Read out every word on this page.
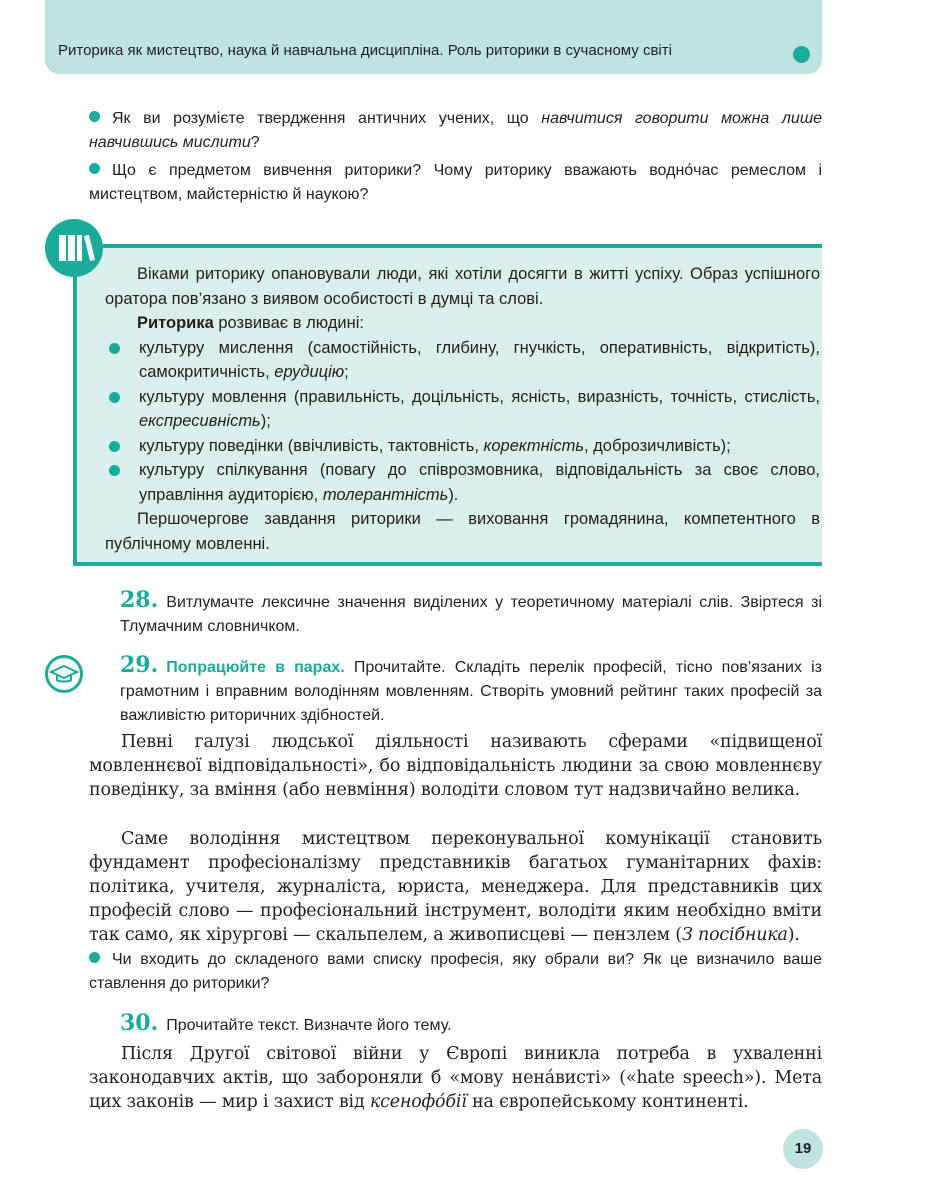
Риторика як мистецтво, наука й навчальна дисципліна. Роль риторики в сучасному світі

Як ви розумієте твердження античних учених, що навчитися говорити можна лише навчившись мислити?

Що є предметом вивчення риторики? Чому риторику вважають водно́час ремеслом і мистецтвом, майстерністю й наукою?

Віками риторику опановували люди, які хотіли досягти в житті успіху. Образ успішного оратора пов’язано з виявом особистості в думці та слові.

Риторика розвиває в людині:

культуру мислення (самостійність, глибину, гнучкість, оперативність, відкритість), самокритичність, ерудицію;
культуру мовлення (правильність, доцільність, ясність, виразність, точність, стислість, експресивність);
культуру поведінки (ввічливість, тактовність, коректність, доброзичливість);
культуру спілкування (повагу до співрозмовника, відповідальність за своє слово, управління аудиторією, толерантність).

Першочергове завдання риторики — виховання громадянина, компетентного в публічному мовленні.

28. Витлумачте лексичне значення виділених у теоретичному матеріалі слів. Звіртеся зі Тлумачним словничком.

29. Попрацюйте в парах. Прочитайте. Складіть перелік професій, тісно пов’язаних із грамотним і вправним володінням мовленням. Створіть умовний рейтинг таких професій за важливістю риторичних здібностей.

Певні галузі людської діяльності називають сферами «підвищеної мовленнєвої відповідальності», бо відповідальність людини за свою мовленнєву поведінку, за вміння (або невміння) володіти словом тут надзвичайно велика.

Саме володіння мистецтвом переконувальної комунікації становить фундамент професіоналізму представників багатьох гуманітарних фахів: політика, учителя, журналіста, юриста, менеджера. Для представників цих професій слово — професіональний інструмент, володіти яким необхідно вміти так само, як хірургові — скальпелем, а живописцеві — пензлем (З посібника).

Чи входить до складеного вами списку професія, яку обрали ви? Як це визначило ваше ставлення до риторики?

30. Прочитайте текст. Визначте його тему.

Після Другої світової війни у Європі виникла потреба в ухваленні законодавчих актів, що забороняли б «мову нена́висті» («hate speech»). Мета цих законів — мир і захист від ксенофо́бії на європейському континенті.

19
